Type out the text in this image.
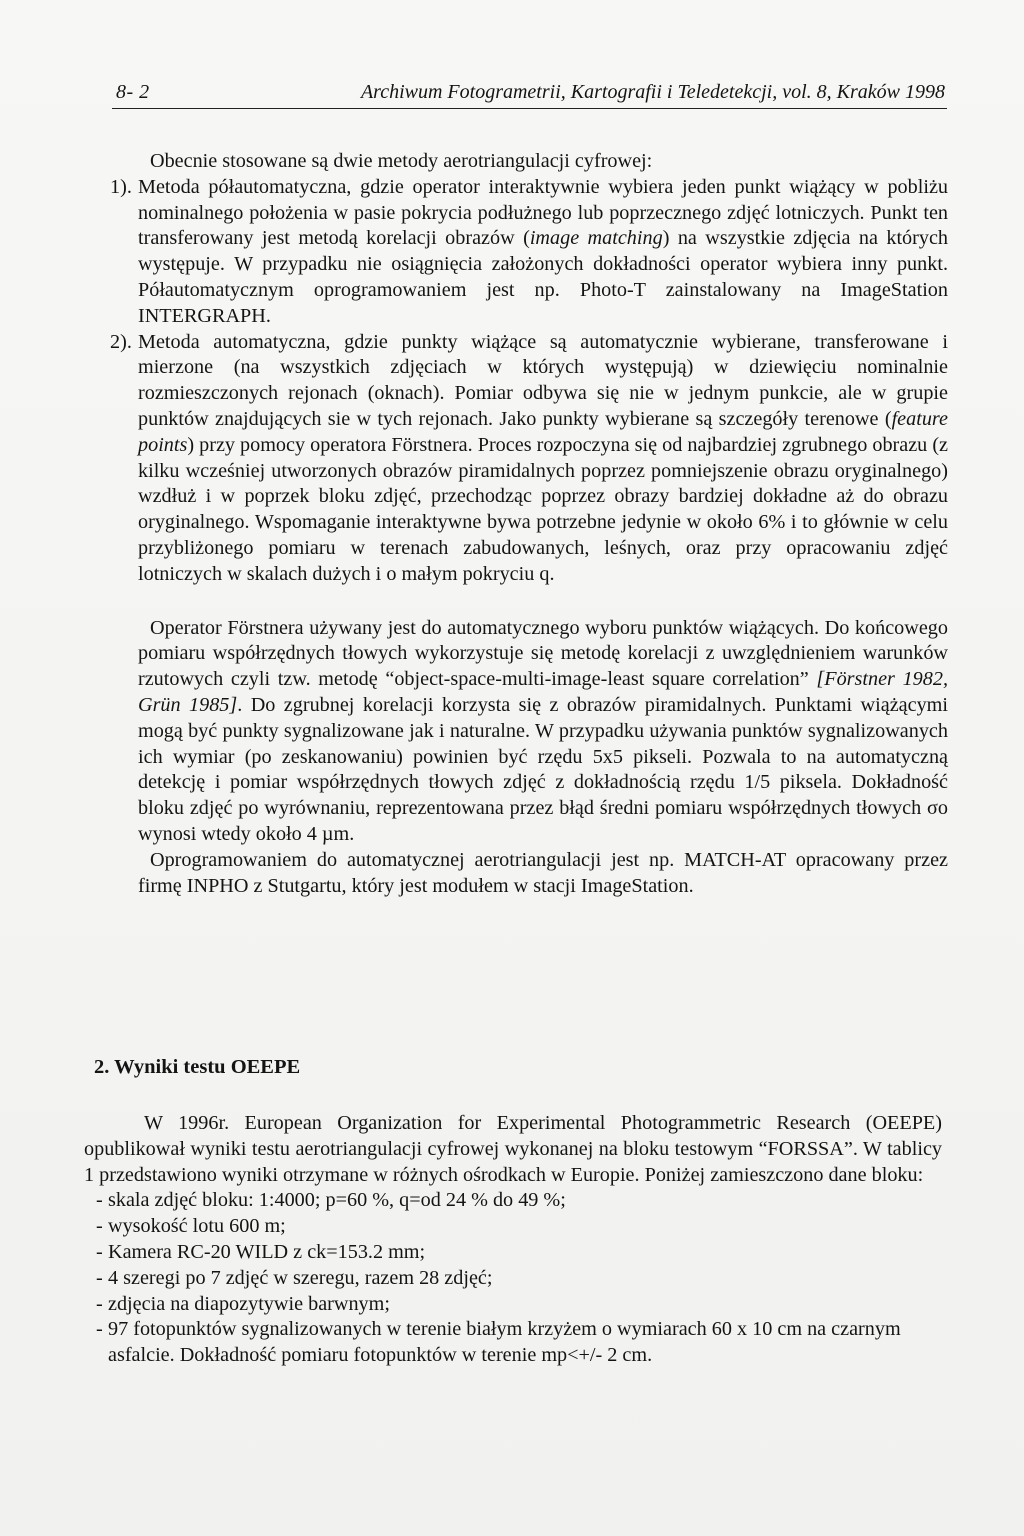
8- 2	Archiwum Fotogrametrii, Kartografii i Teledetekcji, vol. 8, Kraków 1998

Obecnie stosowane są dwie metody aerotriangulacji cyfrowej:

1). Metoda półautomatyczna, gdzie operator interaktywnie wybiera jeden punkt wiążący w pobliżu nominalnego położenia w pasie pokrycia podłużnego lub poprzecznego zdjęć lotniczych. Punkt ten transferowany jest metodą korelacji obrazów (image matching) na wszystkie zdjęcia na których występuje. W przypadku nie osiągnięcia założonych dokładności operator wybiera inny punkt. Półautomatycznym oprogramowaniem jest np. Photo-T zainstalowany na ImageStation INTERGRAPH.

2). Metoda automatyczna, gdzie punkty wiążące są automatycznie wybierane, transferowane i mierzone (na wszystkich zdjęciach w których występują) w dziewięciu nominalnie rozmieszczonych rejonach (oknach). Pomiar odbywa się nie w jednym punkcie, ale w grupie punktów znajdujących sie w tych rejonach. Jako punkty wybierane są szczegóły terenowe (feature points) przy pomocy operatora Förstnera. Proces rozpoczyna się od najbardziej zgrubnego obrazu (z kilku wcześniej utworzonych obrazów piramidalnych poprzez pomniejszenie obrazu oryginalnego) wzdłuż i w poprzek bloku zdjęć, przechodząc poprzez obrazy bardziej dokładne aż do obrazu oryginalnego. Wspomaganie interaktywne bywa potrzebne jedynie w około 6% i to głównie w celu przybliżonego pomiaru w terenach zabudowanych, leśnych, oraz przy opracowaniu zdjęć lotniczych w skalach dużych i o małym pokryciu q.

Operator Förstnera używany jest do automatycznego wyboru punktów wiążących. Do końcowego pomiaru współrzędnych tłowych wykorzystuje się metodę korelacji z uwzględnieniem warunków rzutowych czyli tzw. metodę “object-space-multi-image-least square correlation” [Förstner 1982, Grün 1985]. Do zgrubnej korelacji korzysta się z obrazów piramidalnych. Punktami wiążącymi mogą być punkty sygnalizowane jak i naturalne. W przypadku używania punktów sygnalizowanych ich wymiar (po zeskanowaniu) powinien być rzędu 5x5 pikseli. Pozwala to na automatyczną detekcję i pomiar współrzędnych tłowych zdjęć z dokładnością rzędu 1/5 piksela. Dokładność bloku zdjęć po wyrównaniu, reprezentowana przez błąd średni pomiaru współrzędnych tłowych σo wynosi wtedy około 4 µm.

Oprogramowaniem do automatycznej aerotriangulacji jest np. MATCH-AT opracowany przez firmę INPHO z Stutgartu, który jest modułem w stacji ImageStation.

2. Wyniki testu OEEPE

W 1996r. European Organization for Experimental Photogrammetric Research (OEEPE) opublikował wyniki testu aerotriangulacji cyfrowej wykonanej na bloku testowym “FORSSA”. W tablicy 1 przedstawiono wyniki otrzymane w różnych ośrodkach w Europie. Poniżej zamieszczono dane bloku:

- skala zdjęć bloku: 1:4000; p=60 %, q=od 24 % do 49 %;
- wysokość lotu 600 m;
- Kamera RC-20 WILD z ck=153.2 mm;
- 4 szeregi po 7 zdjęć w szeregu, razem 28 zdjęć;
- zdjęcia na diapozytywie barwnym;
- 97 fotopunktów sygnalizowanych w terenie białym krzyżem o wymiarach 60 x 10 cm na czarnym asfalcie. Dokładność pomiaru fotopunktów w terenie mp<+/- 2 cm.
